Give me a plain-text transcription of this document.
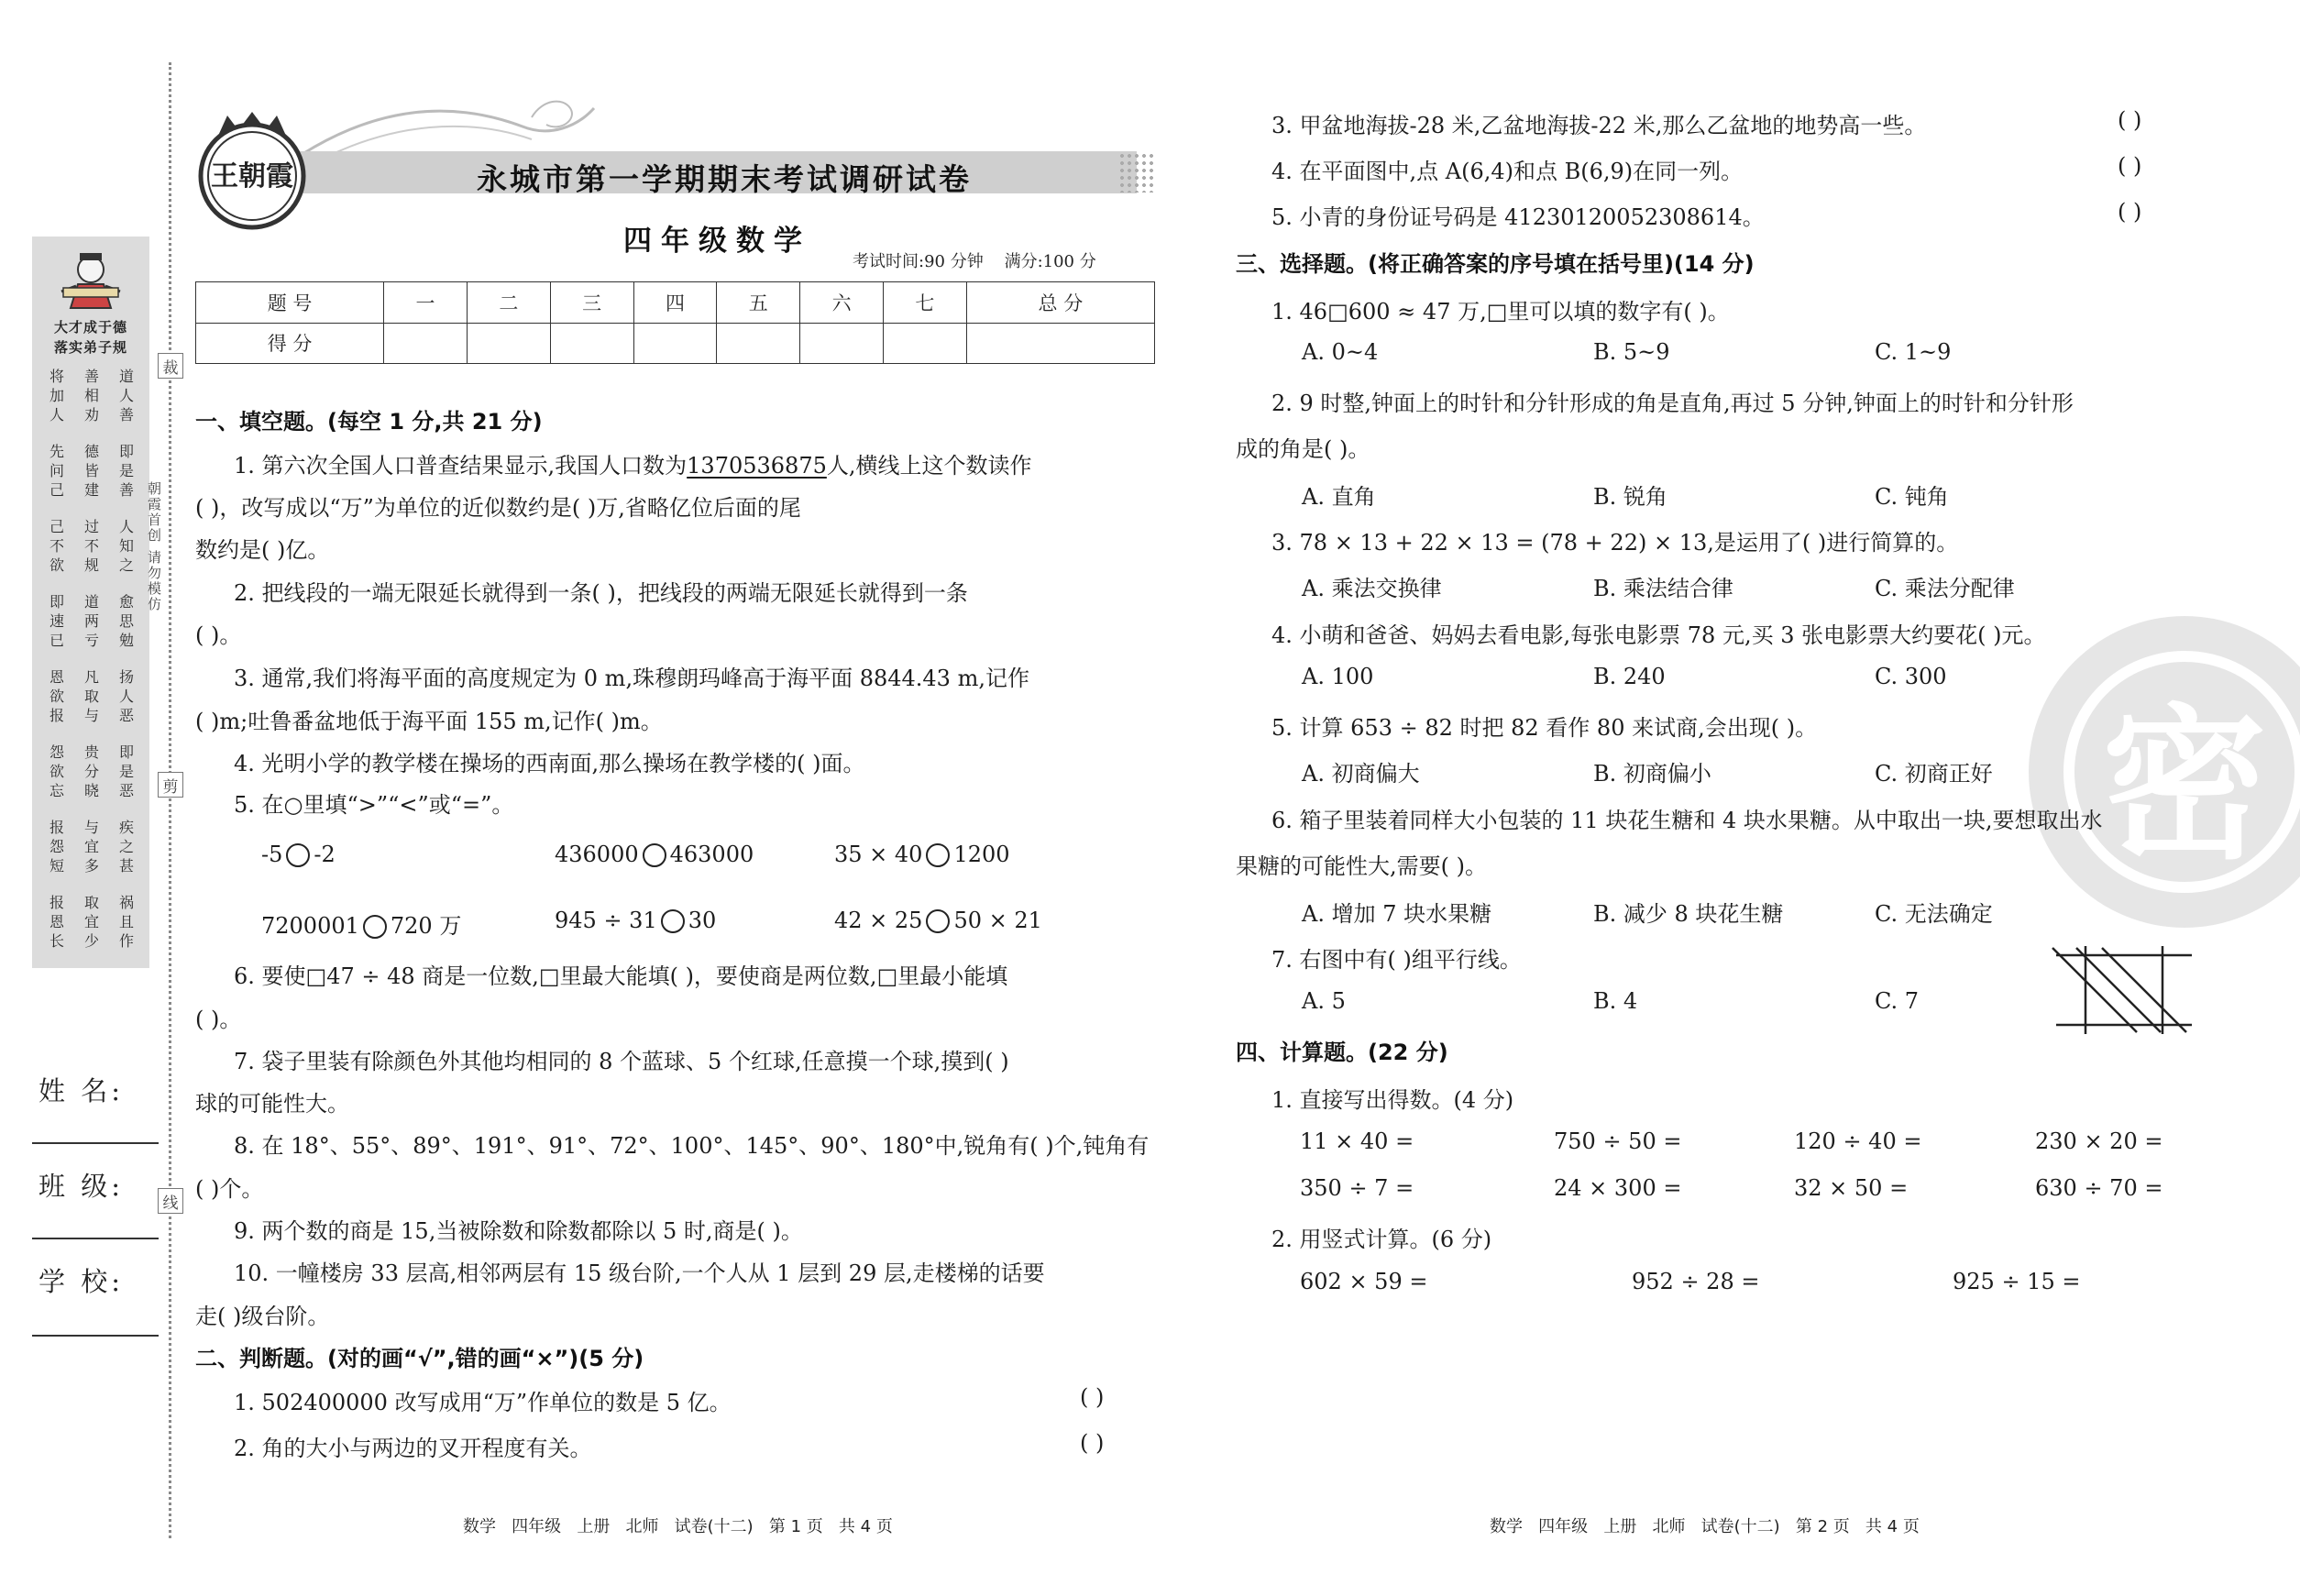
裁
剪
线
大才成于德
落实弟子规
将
加
人
善
相
劝
道
人
善
先
问
己
德
皆
建
即
是
善
己
不
欲
过
不
规
人
知
之
即
速
已
道
两
亏
愈
思
勉
恩
欲
报
凡
取
与
扬
人
恶
怨
欲
忘
贵
分
晓
即
是
恶
报
怨
短
与
宜
多
疾
之
甚
报
恩
长
取
宜
少
祸
且
作
朝霞首创 请勿模仿
姓 名:
班 级:
学 校:
王朝霞	永城市第一学期期末考试调研试卷
四年级数学
考试时间:90 分钟 满分:100 分
题 号	一	二	三	四	五	六	七	总 分
得 分								
一、填空题。(每空 1 分,共 21 分)
1. 第六次全国人口普查结果显示,我国人口数为1370536875人,横线上这个数读作
( )，改写成以“万”为单位的近似数约是( )万,省略亿位后面的尾
数约是( )亿。
2. 把线段的一端无限延长就得到一条( )，把线段的两端无限延长就得到一条
( )。
3. 通常,我们将海平面的高度规定为 0 m,珠穆朗玛峰高于海平面 8844.43 m,记作
( )m;吐鲁番盆地低于海平面 155 m,记作( )m。
4. 光明小学的教学楼在操场的西南面,那么操场在教学楼的( )面。
5. 在○里填“>”“<”或“=”。
-5 -2	436000 463000	35 × 40 1200
7200001 720 万	945 ÷ 31 30	42 × 25 50 × 21
6. 要使□47 ÷ 48 商是一位数,□里最大能填( )，要使商是两位数,□里最小能填
( )。
7. 袋子里装有除颜色外其他均相同的 8 个蓝球、5 个红球,任意摸一个球,摸到( )
球的可能性大。
8. 在 18°、55°、89°、191°、91°、72°、100°、145°、90°、180°中,锐角有( )个,钝角有
( )个。
9. 两个数的商是 15,当被除数和除数都除以 5 时,商是( )。
10. 一幢楼房 33 层高,相邻两层有 15 级台阶,一个人从 1 层到 29 层,走楼梯的话要
走( )级台阶。
二、判断题。(对的画“√”,错的画“×”)(5 分)
1. 502400000 改写成用“万”作单位的数是 5 亿。	( )
2. 角的大小与两边的叉开程度有关。	( )
数学   四年级   上册   北师   试卷(十二)   第 1 页   共 4 页
密
3. 甲盆地海拔-28 米,乙盆地海拔-22 米,那么乙盆地的地势高一些。	( )
4. 在平面图中,点 A(6,4)和点 B(6,9)在同一列。	( )
5. 小青的身份证号码是 41230120052308614。	( )
三、选择题。(将正确答案的序号填在括号里)(14 分)
1. 46□600 ≈ 47 万,□里可以填的数字有( )。
A. 0~4	B. 5~9	C. 1~9
2. 9 时整,钟面上的时针和分针形成的角是直角,再过 5 分钟,钟面上的时针和分针形
成的角是( )。
A. 直角	B. 锐角	C. 钝角
3. 78 × 13 + 22 × 13 = (78 + 22) × 13,是运用了( )进行简算的。
A. 乘法交换律	B. 乘法结合律	C. 乘法分配律
4. 小萌和爸爸、妈妈去看电影,每张电影票 78 元,买 3 张电影票大约要花( )元。
A. 100	B. 240	C. 300
5. 计算 653 ÷ 82 时把 82 看作 80 来试商,会出现( )。
A. 初商偏大	B. 初商偏小	C. 初商正好
6. 箱子里装着同样大小包装的 11 块花生糖和 4 块水果糖。从中取出一块,要想取出水
果糖的可能性大,需要( )。
A. 增加 7 块水果糖	B. 减少 8 块花生糖	C. 无法确定
7. 右图中有( )组平行线。
A. 5	B. 4	C. 7
四、计算题。(22 分)
1. 直接写出得数。(4 分)
11 × 40 =	750 ÷ 50 =	120 ÷ 40 =	230 × 20 =
350 ÷ 7 =	24 × 300 =	32 × 50 =	630 ÷ 70 =
2. 用竖式计算。(6 分)
602 × 59 =	952 ÷ 28 =	925 ÷ 15 =
数学   四年级   上册   北师   试卷(十二)   第 2 页   共 4 页
